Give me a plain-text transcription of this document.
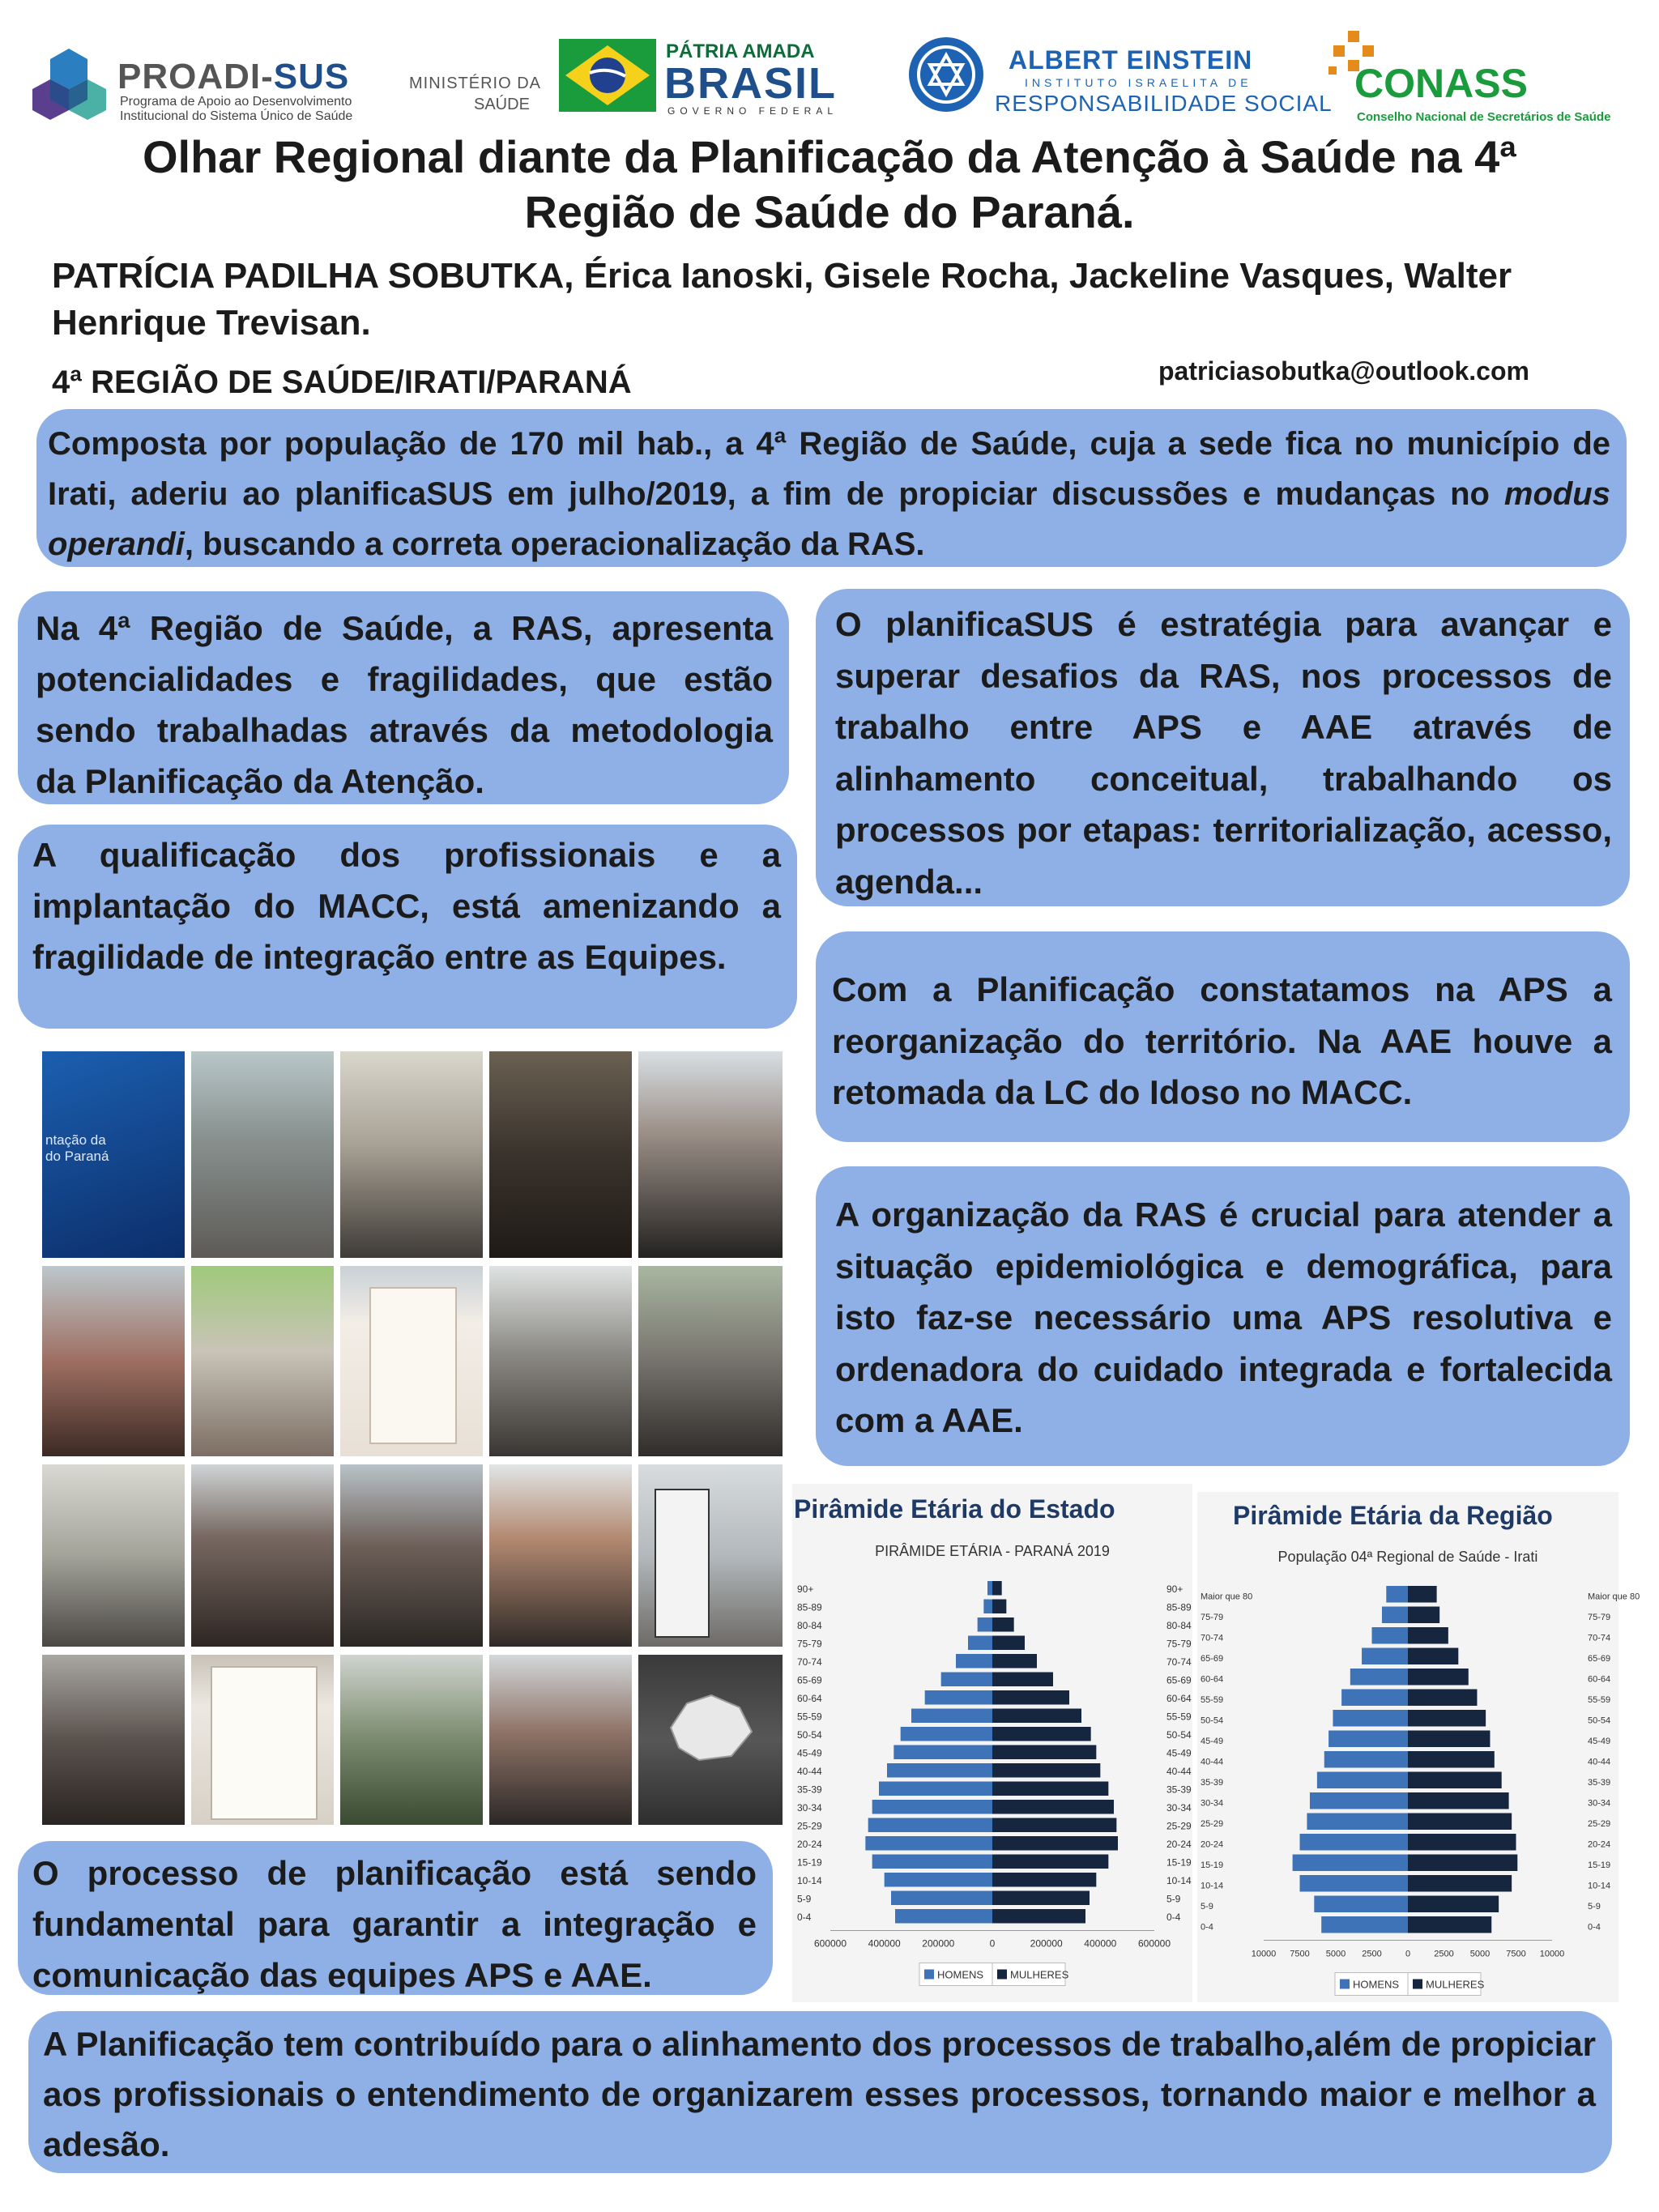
PROADI-SUS
Programa de Apoio ao Desenvolvimento
Institucional do Sistema Único de Saúde
MINISTÉRIO DA
SAÚDE
PÁTRIA AMADA
BRASIL
GOVERNO FEDERAL
ALBERT EINSTEIN
INSTITUTO ISRAELITA DE
RESPONSABILIDADE SOCIAL CONASS
Conselho Nacional de Secretários de Saúde
Olhar Regional diante da Planificação da Atenção à Saúde na 4ª
Região de Saúde do Paraná.
PATRÍCIA PADILHA SOBUTKA, Érica Ianoski, Gisele Rocha, Jackeline Vasques, Walter
Henrique Trevisan.
4ª REGIÃO DE SAÚDE/IRATI/PARANÁ	patriciasobutka@outlook.com
Composta por população de 170 mil hab., a 4ª Região de Saúde, cuja a sede fica no município de Irati, aderiu ao planificaSUS em julho/2019, a fim de propiciar discussões e mudanças no modus operandi, buscando a correta operacionalização da RAS.
Na 4ª Região de Saúde, a RAS, apresenta potencialidades e fragilidades, que estão sendo trabalhadas através da metodologia da Planificação da Atenção.
A qualificação dos profissionais e a implantação do MACC, está amenizando a fragilidade de integração entre as Equipes.
O planificaSUS é estratégia para avançar e superar desafios da RAS, nos processos de trabalho entre APS e AAE através de alinhamento conceitual, trabalhando os processos por etapas: territorialização, acesso, agenda...
Com a Planificação constatamos na APS a reorganização do território. Na AAE houve a retomada da LC do Idoso no MACC.
A organização da RAS é crucial para atender a situação epidemiológica e demográfica, para isto faz-se necessário uma APS resolutiva e ordenadora do cuidado integrada e fortalecida com a AAE.
ntação da
do Paraná
Pirâmide Etária do Estado
PIRÂMIDE ETÁRIA - PARANÁ 2019
90+	90+
85-89	85-89
80-84	80-84
75-79	75-79
70-74	70-74
65-69	65-69
60-64	60-64
55-59	55-59
50-54	50-54
45-49	45-49
40-44	40-44
35-39	35-39
30-34	30-34
25-29	25-29
20-24	20-24
15-19	15-19
10-14	10-14
5-9	5-9
0-4	0-4
600000 400000 200000	0	200000 400000 600000
HOMENS	MULHERES
Pirâmide Etária da Região
População 04ª Regional de Saúde - Irati
Maior que 80	Maior que 80
75-79	75-79
70-74	70-74
65-69	65-69
60-64	60-64
55-59	55-59
50-54	50-54
45-49	45-49
40-44	40-44
35-39	35-39
30-34	30-34
25-29	25-29
20-24	20-24
15-19	15-19
10-14	10-14
5-9	5-9
0-4	0-4
10000 7500 5000 2500	0	2500 5000 7500 10000
HOMENS	MULHERES
O processo de planificação está sendo fundamental para garantir a integração e comunicação das equipes APS e AAE.
A Planificação tem contribuído para o alinhamento dos processos de trabalho,além de propiciar aos profissionais o entendimento de organizarem esses processos, tornando maior e melhor a adesão.
